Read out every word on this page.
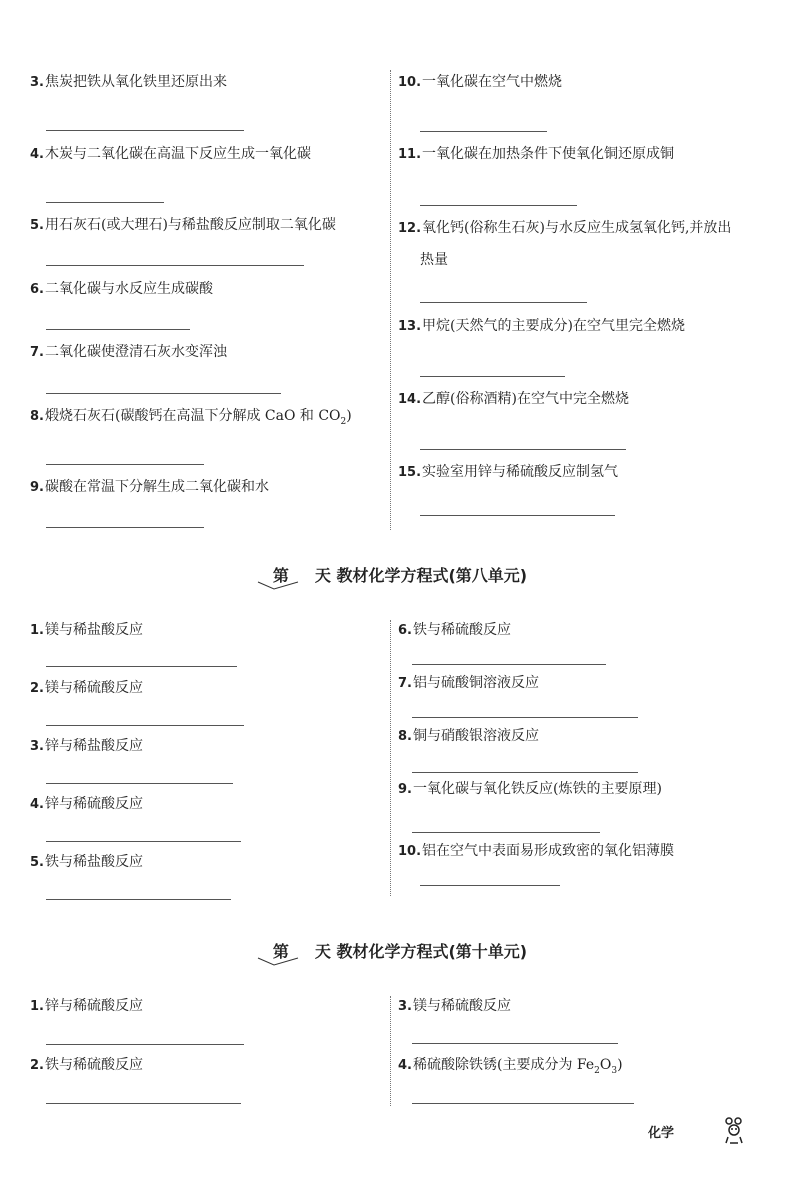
3.焦炭把铁从氧化铁里还原出来
4.木炭与二氧化碳在高温下反应生成一氧化碳
5.用石灰石(或大理石)与稀盐酸反应制取二氧化碳
6.二氧化碳与水反应生成碳酸
7.二氧化碳使澄清石灰水变浑浊
8.煅烧石灰石(碳酸钙在高温下分解成 CaO 和 $CO_2$)
9.碳酸在常温下分解生成二氧化碳和水
10.一氧化碳在空气中燃烧
11.一氧化碳在加热条件下使氧化铜还原成铜
12.氧化钙(俗称生石灰)与水反应生成氢氧化钙,并放出
热量
13.甲烷(天然气的主要成分)在空气里完全燃烧
14.乙醇(俗称酒精)在空气中完全燃烧
15.实验室用锌与稀硫酸反应制氢气
第 天 教材化学方程式(第八单元)
1.镁与稀盐酸反应
2.镁与稀硫酸反应
3.锌与稀盐酸反应
4.锌与稀硫酸反应
5.铁与稀盐酸反应
6.铁与稀硫酸反应
7.铝与硫酸铜溶液反应
8.铜与硝酸银溶液反应
9.一氧化碳与氧化铁反应(炼铁的主要原理)
10.铝在空气中表面易形成致密的氧化铝薄膜
第 天 教材化学方程式(第十单元)
1.锌与稀硫酸反应
2.铁与稀硫酸反应
3.镁与稀硫酸反应
4.稀硫酸除铁锈(主要成分为 $Fe_2O_3$)
化学
